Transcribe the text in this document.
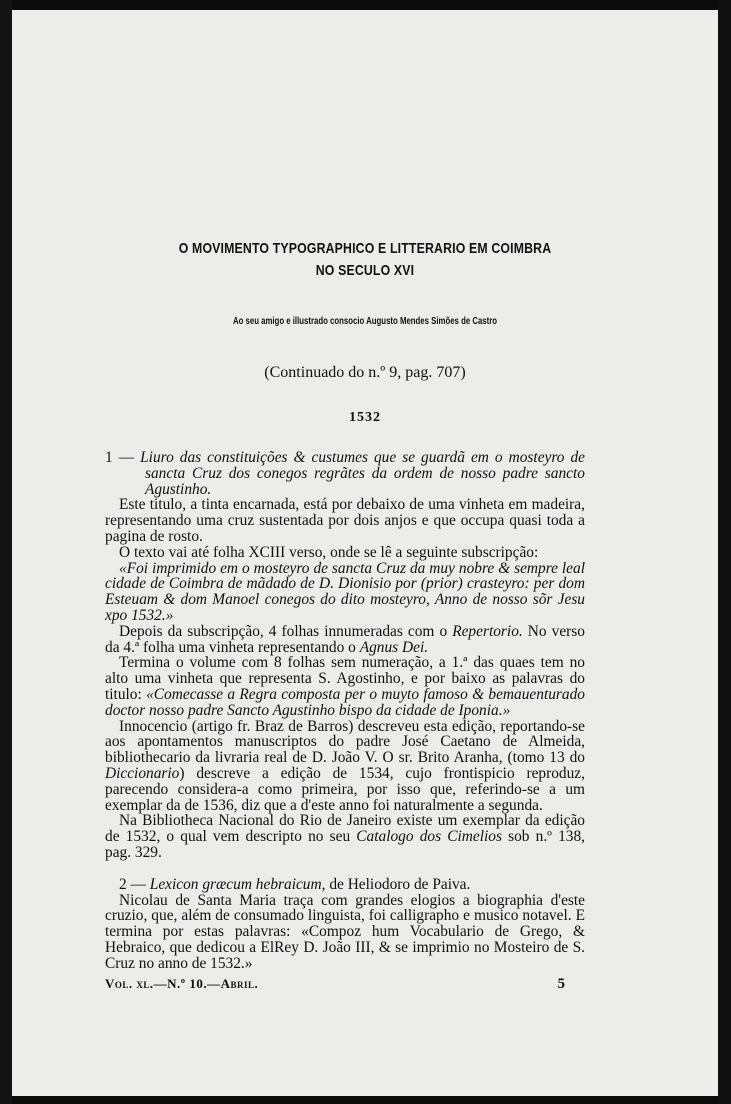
O MOVIMENTO TYPOGRAPHICO E LITTERARIO EM COIMBRA
NO SECULO XVI
Ao seu amigo e illustrado consocio Augusto Mendes Simões de Castro
(Continuado do n.º 9, pag. 707)
1532

1 — Liuro das constituições & custumes que se guardã em o mosteyro de sancta Cruz dos conegos regrãtes da ordem de nosso padre sancto Agustinho.

Este titulo, a tinta encarnada, está por debaixo de uma vinheta em madeira, representando uma cruz sustentada por dois anjos e que occupa quasi toda a pagina de rosto.

O texto vai até folha XCIII verso, onde se lê a seguinte subscripção:

«Foi imprimido em o mosteyro de sancta Cruz da muy nobre & sempre leal cidade de Coimbra de mãdado de D. Dionisio por (prior) crasteyro: per dom Esteuam & dom Manoel conegos do dito mosteyro, Anno de nosso sõr Jesu xpo 1532.»

Depois da subscripção, 4 folhas innumeradas com o Repertorio. No verso da 4.ª folha uma vinheta representando o Agnus Dei.

Termina o volume com 8 folhas sem numeração, a 1.ª das quaes tem no alto uma vinheta que representa S. Agostinho, e por baixo as palavras do titulo: «Comecasse a Regra composta per o muyto famoso & bemauenturado doctor nosso padre Sancto Agustinho bispo da cidade de Iponia.»

Innocencio (artigo fr. Braz de Barros) descreveu esta edição, reportando-se aos apontamentos manuscriptos do padre José Caetano de Almeida, bibliothecario da livraria real de D. João V. O sr. Brito Aranha, (tomo 13 do Diccionario) descreve a edição de 1534, cujo frontispicio reproduz, parecendo considera-a como primeira, por isso que, referindo-se a um exemplar da de 1536, diz que a d'este anno foi naturalmente a segunda.

Na Bibliotheca Nacional do Rio de Janeiro existe um exemplar da edição de 1532, o qual vem descripto no seu Catalogo dos Cimelios sob n.º 138, pag. 329.

2 — Lexicon græcum hebraicum, de Heliodoro de Paiva.

Nicolau de Santa Maria traça com grandes elogios a biographia d'este cruzio, que, além de consumado linguista, foi calligrapho e musico notavel. E termina por estas palavras: «Compoz hum Vocabulario de Grego, & Hebraico, que dedicou a ElRey D. João III, & se imprimio no Mosteiro de S. Cruz no anno de 1532.»

Vol. xl.—N.º 10.—Abril.	5
